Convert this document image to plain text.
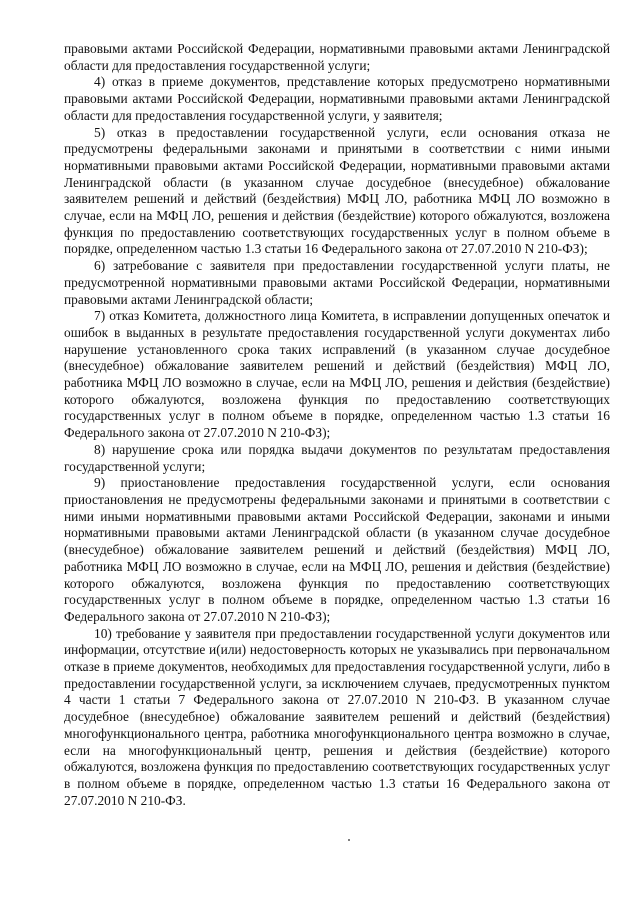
правовыми актами Российской Федерации, нормативными правовыми актами Ленинградской области для предоставления государственной услуги;

4) отказ в приеме документов, представление которых предусмотрено нормативными правовыми актами Российской Федерации, нормативными правовыми актами Ленинградской области для предоставления государственной услуги, у заявителя;

5) отказ в предоставлении государственной услуги, если основания отказа не предусмотрены федеральными законами и принятыми в соответствии с ними иными нормативными правовыми актами Российской Федерации, нормативными правовыми актами Ленинградской области (в указанном случае досудебное (внесудебное) обжалование заявителем решений и действий (бездействия) МФЦ ЛО, работника МФЦ ЛО возможно в случае, если на МФЦ ЛО, решения и действия (бездействие) которого обжалуются, возложена функция по предоставлению соответствующих государственных услуг в полном объеме в порядке, определенном частью 1.3 статьи 16 Федерального закона от 27.07.2010 N 210-ФЗ);

6) затребование с заявителя при предоставлении государственной услуги платы, не предусмотренной нормативными правовыми актами Российской Федерации, нормативными правовыми актами Ленинградской области;

7) отказ Комитета, должностного лица Комитета, в исправлении допущенных опечаток и ошибок в выданных в результате предоставления государственной услуги документах либо нарушение установленного срока таких исправлений (в указанном случае досудебное (внесудебное) обжалование заявителем решений и действий (бездействия) МФЦ ЛО, работника МФЦ ЛО возможно в случае, если на МФЦ ЛО, решения и действия (бездействие) которого обжалуются, возложена функция по предоставлению соответствующих государственных услуг в полном объеме в порядке, определенном частью 1.3 статьи 16 Федерального закона от 27.07.2010 N 210-ФЗ);

8) нарушение срока или порядка выдачи документов по результатам предоставления государственной услуги;

9) приостановление предоставления государственной услуги, если основания приостановления не предусмотрены федеральными законами и принятыми в соответствии с ними иными нормативными правовыми актами Российской Федерации, законами и иными нормативными правовыми актами Ленинградской области (в указанном случае досудебное (внесудебное) обжалование заявителем решений и действий (бездействия) МФЦ ЛО, работника МФЦ ЛО возможно в случае, если на МФЦ ЛО, решения и действия (бездействие) которого обжалуются, возложена функция по предоставлению соответствующих государственных услуг в полном объеме в порядке, определенном частью 1.3 статьи 16 Федерального закона от 27.07.2010 N 210-ФЗ);

10) требование у заявителя при предоставлении государственной услуги документов или информации, отсутствие и(или) недостоверность которых не указывались при первоначальном отказе в приеме документов, необходимых для предоставления государственной услуги, либо в предоставлении государственной услуги, за исключением случаев, предусмотренных пунктом 4 части 1 статьи 7 Федерального закона от 27.07.2010 N 210-ФЗ. В указанном случае досудебное (внесудебное) обжалование заявителем решений и действий (бездействия) многофункционального центра, работника многофункционального центра возможно в случае, если на многофункциональный центр, решения и действия (бездействие) которого обжалуются, возложена функция по предоставлению соответствующих государственных услуг в полном объеме в порядке, определенном частью 1.3 статьи 16 Федерального закона от 27.07.2010 N 210-ФЗ.
